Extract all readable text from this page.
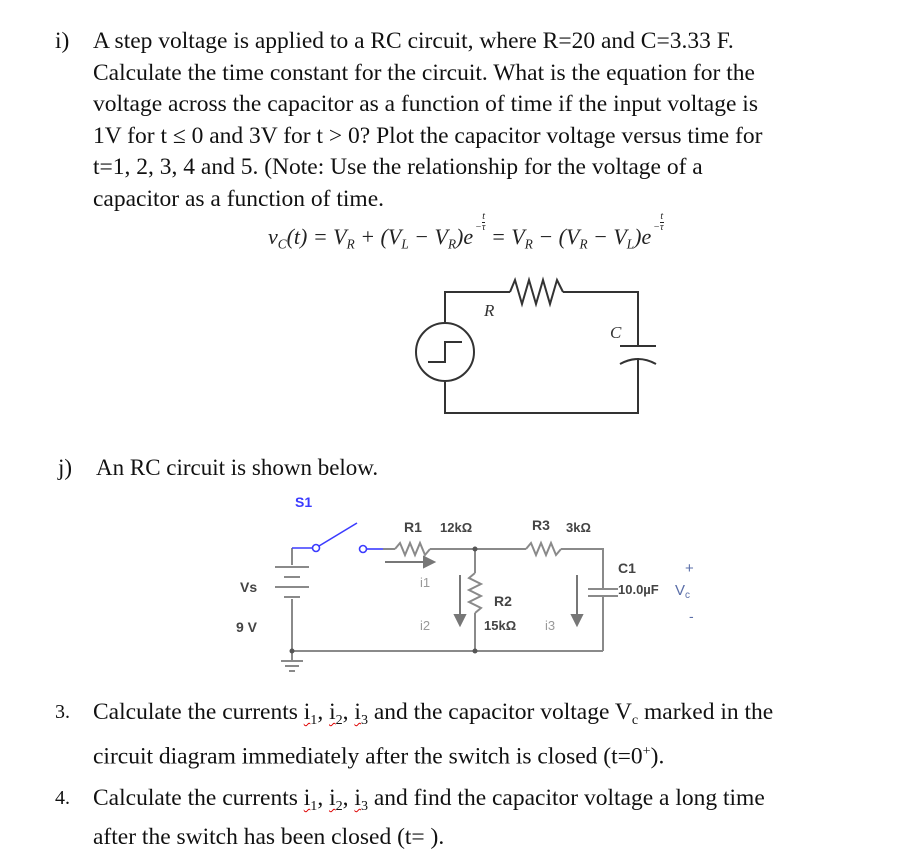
i)	A step voltage is applied to a RC circuit, where R=20 and C=3.33 F.
Calculate the time constant for the circuit. What is the equation for the
voltage across the capacitor as a function of time if the input voltage is
1V for t ≤ 0 and 3V for t > 0? Plot the capacitor voltage versus time for
t=1, 2, 3, 4 and 5. (Note: Use the relationship for the voltage of a
capacitor as a function of time.
$v_C(t) = V_R + (V_L - V_R)e - \frac{t}{\tau}$
= $V_R - (V_R - V_L)e - \frac{t}{\tau}$
R
C
j)	An RC circuit is shown below.
S1
Vs
9 V
R1 12kΩ	R3 3kΩ
R2
15kΩ
C1
10.0µF
+
$V_c$
-
i1
i2	i3
3. Calculate the currents $i_1$, $i_2$, $i_3$ and the capacitor voltage $V_c$ marked in the
circuit diagram immediately after the switch is closed (t=0+).
4. Calculate the currents $i_1$, $i_2$, $i_3$ and find the capacitor voltage a long time
after the switch has been closed (t= ).
